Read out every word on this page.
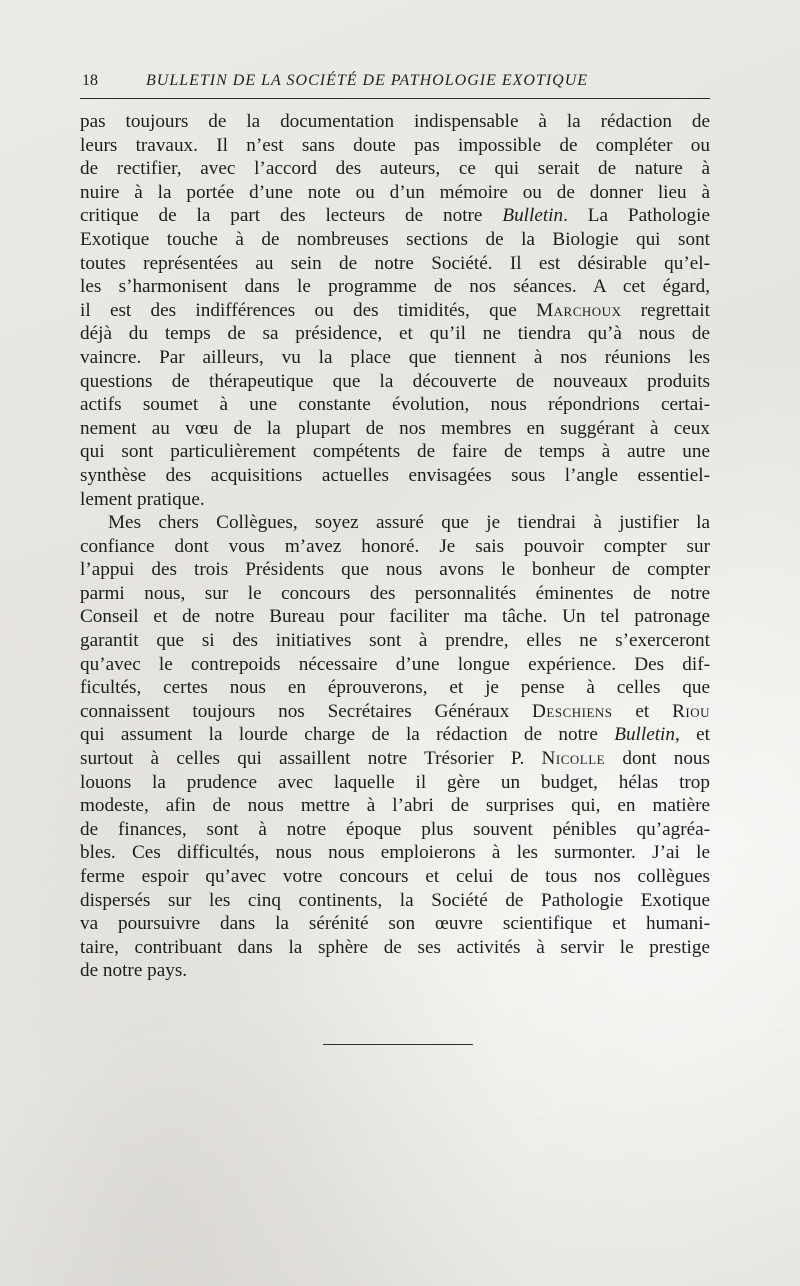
18	BULLETIN DE LA SOCIÉTÉ DE PATHOLOGIE EXOTIQUE
pas toujours de la documentation indispensable à la rédaction de
leurs travaux. Il n’est sans doute pas impossible de compléter ou
de rectifier, avec l’accord des auteurs, ce qui serait de nature à
nuire à la portée d’une note ou d’un mémoire ou de donner lieu à
critique de la part des lecteurs de notre Bulletin. La Pathologie
Exotique touche à de nombreuses sections de la Biologie qui sont
toutes représentées au sein de notre Société. Il est désirable qu’el-
les s’harmonisent dans le programme de nos séances. A cet égard,
il est des indifférences ou des timidités, que Marchoux regrettait
déjà du temps de sa présidence, et qu’il ne tiendra qu’à nous de
vaincre. Par ailleurs, vu la place que tiennent à nos réunions les
questions de thérapeutique que la découverte de nouveaux produits
actifs soumet à une constante évolution, nous répondrions certai-
nement au vœu de la plupart de nos membres en suggérant à ceux
qui sont particulièrement compétents de faire de temps à autre une
synthèse des acquisitions actuelles envisagées sous l’angle essentiel-
lement pratique.
Mes chers Collègues, soyez assuré que je tiendrai à justifier la
confiance dont vous m’avez honoré. Je sais pouvoir compter sur
l’appui des trois Présidents que nous avons le bonheur de compter
parmi nous, sur le concours des personnalités éminentes de notre
Conseil et de notre Bureau pour faciliter ma tâche. Un tel patronage
garantit que si des initiatives sont à prendre, elles ne s’exerceront
qu’avec le contrepoids nécessaire d’une longue expérience. Des dif-
ficultés, certes nous en éprouverons, et je pense à celles que
connaissent toujours nos Secrétaires Généraux Deschiens et Riou
qui assument la lourde charge de la rédaction de notre Bulletin, et
surtout à celles qui assaillent notre Trésorier P. Nicolle dont nous
louons la prudence avec laquelle il gère un budget, hélas trop
modeste, afin de nous mettre à l’abri de surprises qui, en matière
de finances, sont à notre époque plus souvent pénibles qu’agréa-
bles. Ces difficultés, nous nous emploierons à les surmonter. J’ai le
ferme espoir qu’avec votre concours et celui de tous nos collègues
dispersés sur les cinq continents, la Société de Pathologie Exotique
va poursuivre dans la sérénité son œuvre scientifique et humani-
taire, contribuant dans la sphère de ses activités à servir le prestige
de notre pays.
